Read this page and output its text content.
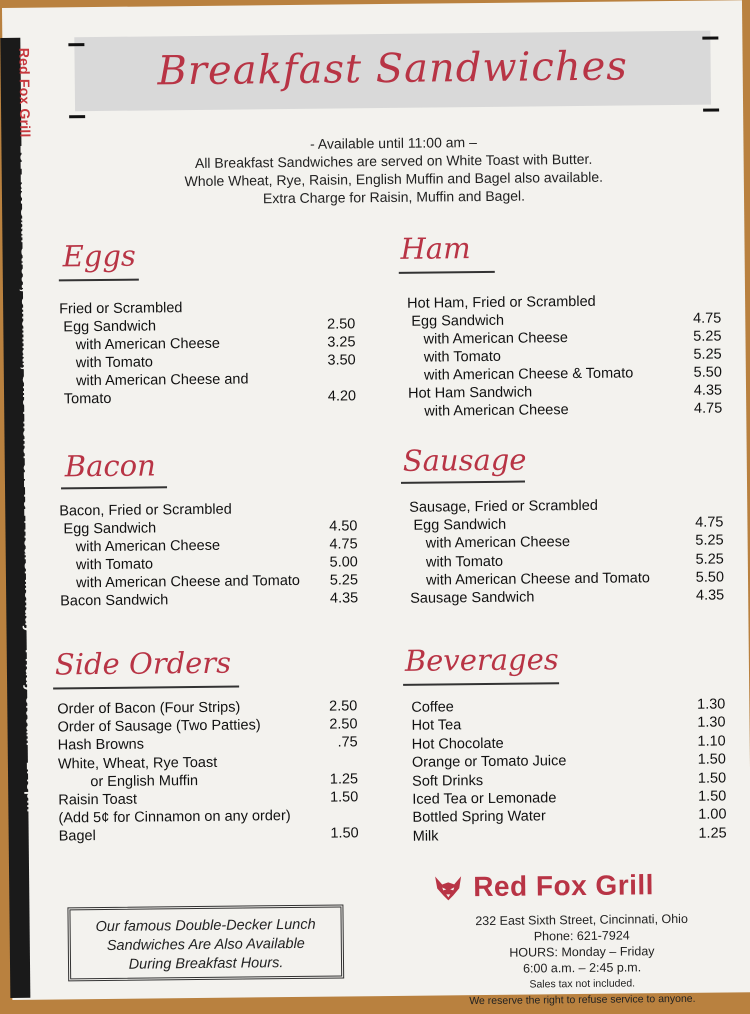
Red Fox Grill232 East Sixth Street, Cincinnati, Ohio Phone: 621-7924 Hours: Monday – Friday 6:00am – 2:45pm
Breakfast Sandwiches
- Available until 11:00 am –
All Breakfast Sandwiches are served on White Toast with Butter.
Whole Wheat, Rye, Raisin, English Muffin and Bagel also available.
Extra Charge for Raisin, Muffin and Bagel.
Eggs
Fried or Scrambled
Egg Sandwich	2.50
with American Cheese	3.25
with Tomato	3.50
with American Cheese and
Tomato	4.20
Ham
Hot Ham, Fried or Scrambled
Egg Sandwich	4.75
with American Cheese	5.25
with Tomato	5.25
with American Cheese & Tomato	5.50
Hot Ham Sandwich	4.35
with American Cheese	4.75
Bacon
Bacon, Fried or Scrambled
Egg Sandwich	4.50
with American Cheese	4.75
with Tomato	5.00
with American Cheese and Tomato	5.25
Bacon Sandwich	4.35
Sausage
Sausage, Fried or Scrambled
Egg Sandwich	4.75
with American Cheese	5.25
with Tomato	5.25
with American Cheese and Tomato	5.50
Sausage Sandwich	4.35
Side Orders
Order of Bacon (Four Strips)	2.50
Order of Sausage (Two Patties)	2.50
Hash Browns	.75
White, Wheat, Rye Toast
or English Muffin	1.25
Raisin Toast	1.50
(Add 5¢ for Cinnamon on any order)
Bagel	1.50
Beverages
Coffee	1.30
Hot Tea	1.30
Hot Chocolate	1.10
Orange or Tomato Juice	1.50
Soft Drinks	1.50
Iced Tea or Lemonade	1.50
Bottled Spring Water	1.00
Milk	1.25
Our famous Double-Decker Lunch
Sandwiches Are Also Available
During Breakfast Hours.
Red Fox Grill
232 East Sixth Street, Cincinnati, Ohio
Phone: 621-7924
HOURS: Monday – Friday
6:00 a.m. – 2:45 p.m.
Sales tax not included.
We reserve the right to refuse service to anyone.
